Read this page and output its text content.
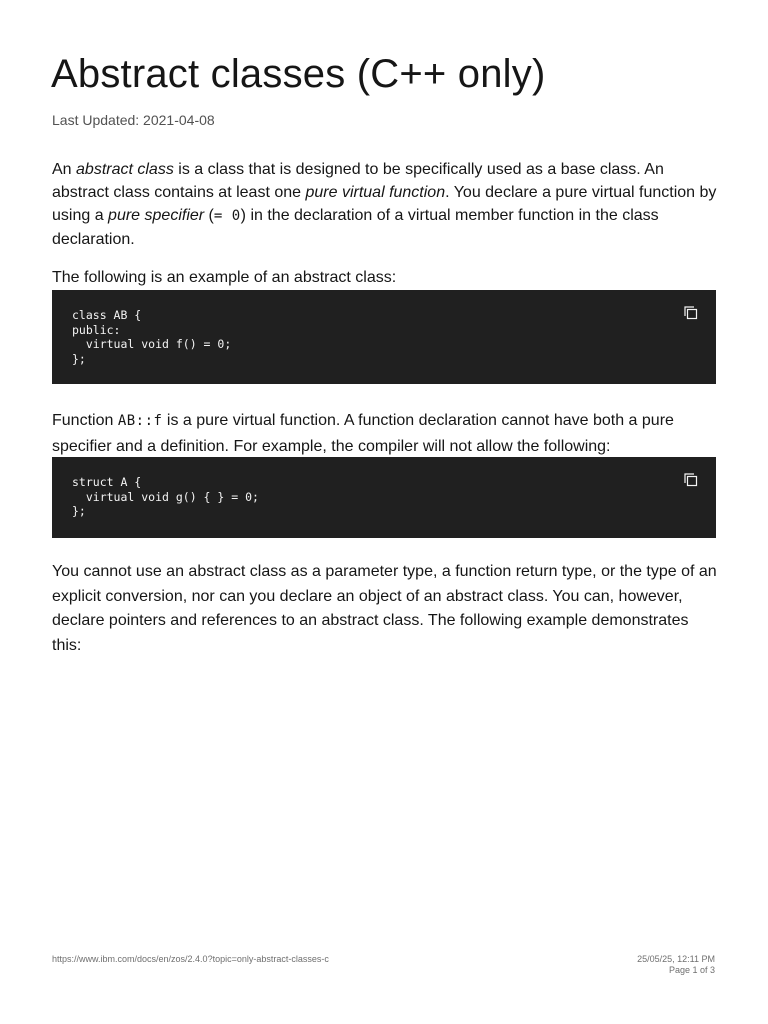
Abstract classes (C++ only)
Last Updated: 2021-04-08

An abstract class is a class that is designed to be specifically used as a base class. An abstract class contains at least one pure virtual function. You declare a pure virtual function by using a pure specifier (= 0) in the declaration of a virtual member function in the class declaration.

The following is an example of an abstract class:

class AB {
public:
virtual void f() = 0;
};

Function AB::f is a pure virtual function. A function declaration cannot have both a pure specifier and a definition. For example, the compiler will not allow the following:

struct A {
virtual void g() { } = 0;
};

You cannot use an abstract class as a parameter type, a function return type, or the type of an explicit conversion, nor can you declare an object of an abstract class. You can, however, declare pointers and references to an abstract class. The following example demonstrates this:

https://www.ibm.com/docs/en/zos/2.4.0?topic=only-abstract-classes-c	25/05/25, 12:11 PM
Page 1 of 3
